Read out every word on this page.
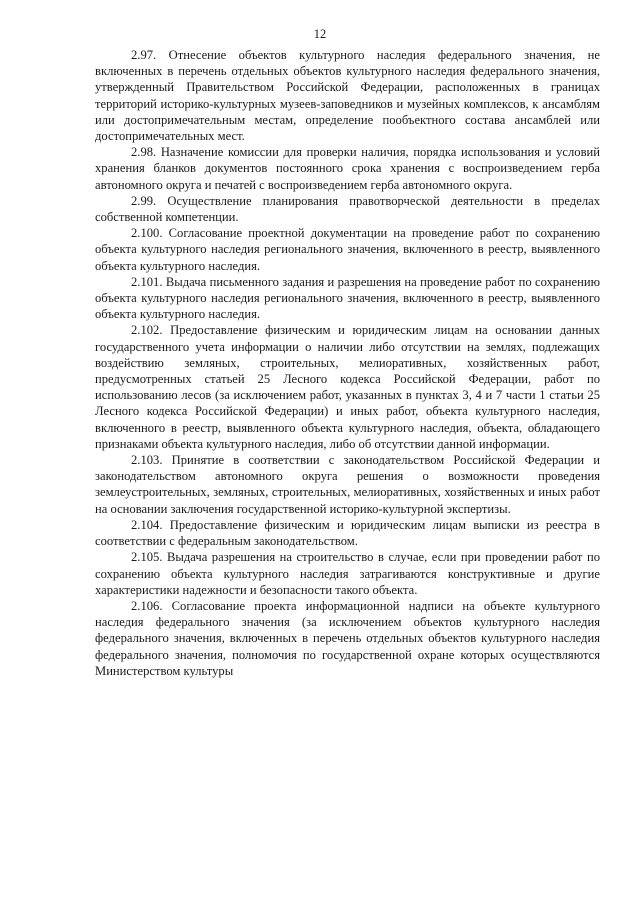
12

2.97. Отнесение объектов культурного наследия федерального значения, не включенных в перечень отдельных объектов культурного наследия федерального значения, утвержденный Правительством Российской Федерации, расположенных в границах территорий историко-культурных музеев-заповедников и музейных комплексов, к ансамблям или достопримечательным местам, определение пообъектного состава ансамблей или достопримечательных мест.

2.98. Назначение комиссии для проверки наличия, порядка использования и условий хранения бланков документов постоянного срока хранения с воспроизведением герба автономного округа и печатей с воспроизведением герба автономного округа.

2.99. Осуществление планирования правотворческой деятельности в пределах собственной компетенции.

2.100. Согласование проектной документации на проведение работ по сохранению объекта культурного наследия регионального значения, включенного в реестр, выявленного объекта культурного наследия.

2.101. Выдача письменного задания и разрешения на проведение работ по сохранению объекта культурного наследия регионального значения, включенного в реестр, выявленного объекта культурного наследия.

2.102. Предоставление физическим и юридическим лицам на основании данных государственного учета информации о наличии либо отсутствии на землях, подлежащих воздействию земляных, строительных, мелиоративных, хозяйственных работ, предусмотренных статьей 25 Лесного кодекса Российской Федерации, работ по использованию лесов (за исключением работ, указанных в пунктах 3, 4 и 7 части 1 статьи 25 Лесного кодекса Российской Федерации) и иных работ, объекта культурного наследия, включенного в реестр, выявленного объекта культурного наследия, объекта, обладающего признаками объекта культурного наследия, либо об отсутствии данной информации.

2.103. Принятие в соответствии с законодательством Российской Федерации и законодательством автономного округа решения о возможности проведения землеустроительных, земляных, строительных, мелиоративных, хозяйственных и иных работ на основании заключения государственной историко-культурной экспертизы.

2.104. Предоставление физическим и юридическим лицам выписки из реестра в соответствии с федеральным законодательством.

2.105. Выдача разрешения на строительство в случае, если при проведении работ по сохранению объекта культурного наследия затрагиваются конструктивные и другие характеристики надежности и безопасности такого объекта.

2.106. Согласование проекта информационной надписи на объекте культурного наследия федерального значения (за исключением объектов культурного наследия федерального значения, включенных в перечень отдельных объектов культурного наследия федерального значения, полномочия по государственной охране которых осуществляются Министерством культуры
